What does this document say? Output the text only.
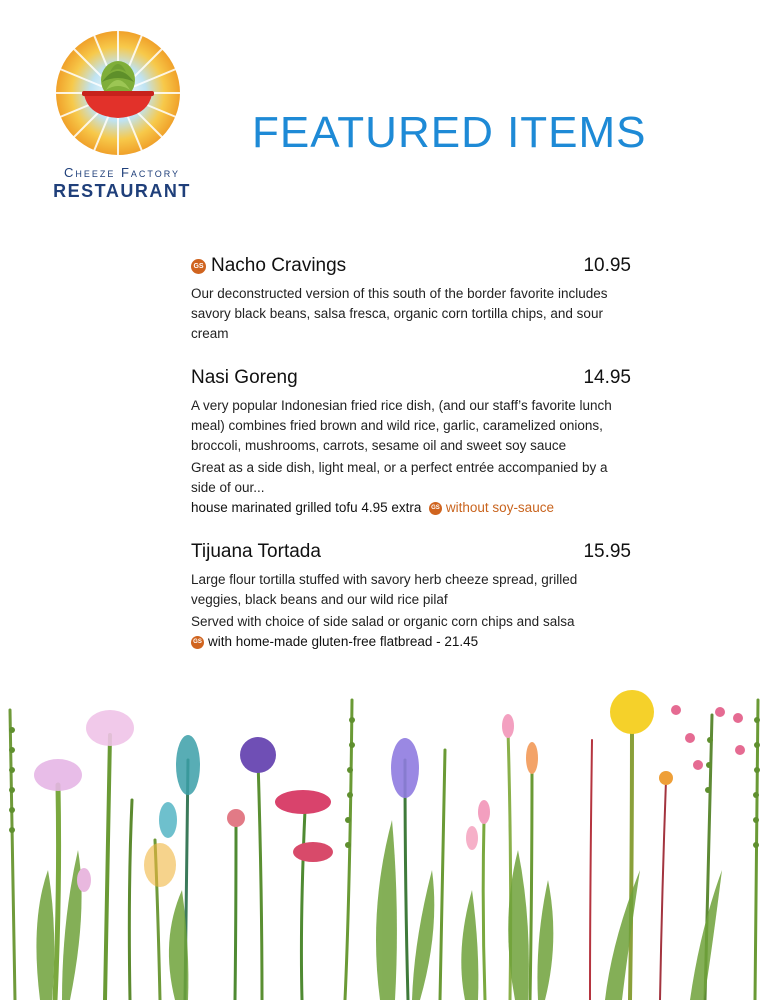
Cheeze Factory
RESTAURANT
FEATURED ITEMS
GS Nacho Cravings	10.95
Our deconstructed version of this south of the border favorite includes savory black beans, salsa fresca, organic corn tortilla chips, and sour cream
Nasi Goreng	14.95
A very popular Indonesian fried rice dish, (and our staff’s favorite lunch meal) combines fried brown and wild rice, garlic, caramelized onions, broccoli, mushrooms, carrots, sesame oil and sweet soy sauce
Great as a side dish, light meal, or a perfect entrée accompanied by a side of our...
house marinated grilled tofu 4.95 extra GS without soy-sauce
Tijuana Tortada	15.95
Large flour tortilla stuffed with savory herb cheeze spread, grilled veggies, black beans and our wild rice pilaf
Served with choice of side salad or organic corn chips and salsa
GS with home-made gluten-free flatbread - 21.45
